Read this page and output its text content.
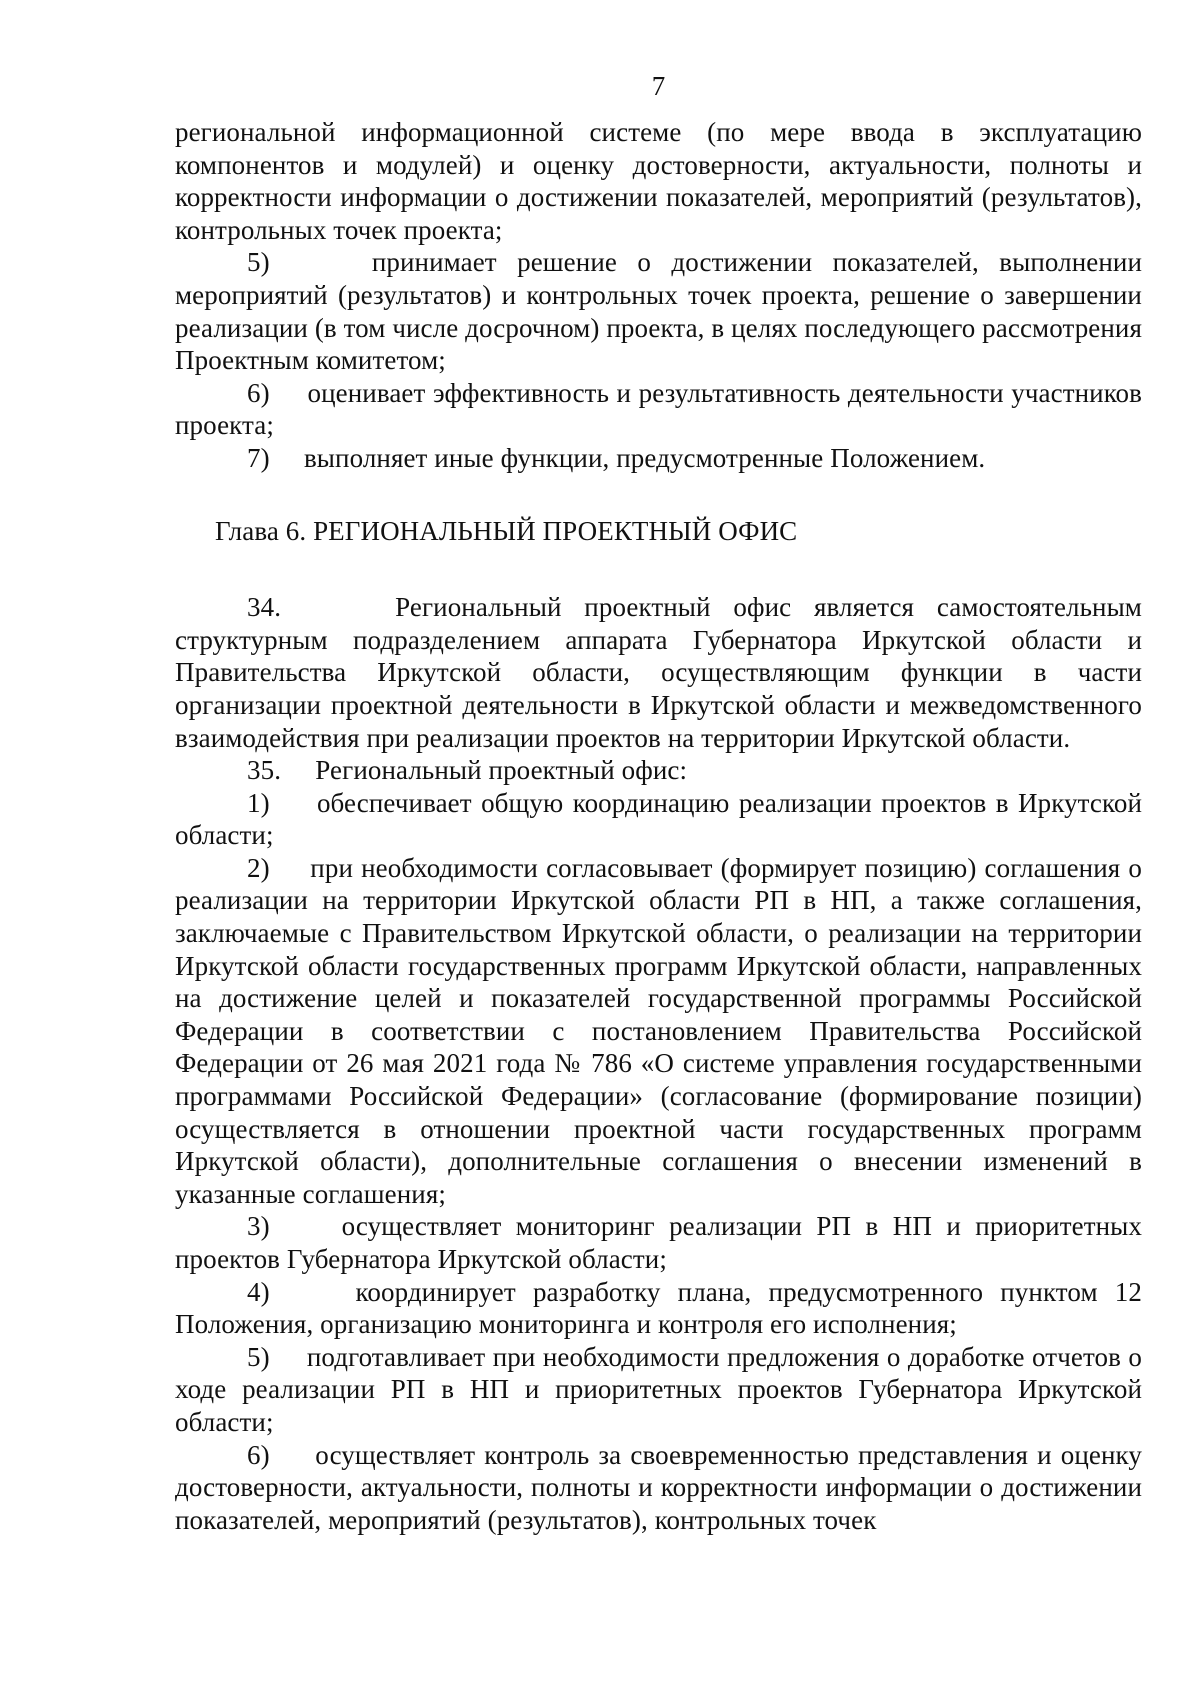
7

региональной информационной системе (по мере ввода в эксплуатацию компонентов и модулей) и оценку достоверности, актуальности, полноты и корректности информации о достижении показателей, мероприятий (результатов), контрольных точек проекта;

5)     принимает решение о достижении показателей, выполнении мероприятий (результатов) и контрольных точек проекта, решение о завершении реализации (в том числе досрочном) проекта, в целях последующего рассмотрения Проектным комитетом;

6)     оценивает эффективность и результативность деятельности участников проекта;

7)     выполняет иные функции, предусмотренные Положением.

Глава 6. РЕГИОНАЛЬНЫЙ ПРОЕКТНЫЙ ОФИС

34.     Региональный проектный офис является самостоятельным структурным подразделением аппарата Губернатора Иркутской области и Правительства Иркутской области, осуществляющим функции в части организации проектной деятельности в Иркутской области и межведомственного взаимодействия при реализации проектов на территории Иркутской области.

35.     Региональный проектный офис:

1)     обеспечивает общую координацию реализации проектов в Иркутской области;

2)     при необходимости согласовывает (формирует позицию) соглашения о реализации на территории Иркутской области РП в НП, а также соглашения, заключаемые с Правительством Иркутской области, о реализации на территории Иркутской области государственных программ Иркутской области, направленных на достижение целей и показателей государственной программы Российской Федерации в соответствии с постановлением Правительства Российской Федерации от 26 мая 2021 года № 786 «О системе управления государственными программами Российской Федерации» (согласование (формирование позиции) осуществляется в отношении проектной части государственных программ Иркутской области), дополнительные соглашения о внесении изменений в указанные соглашения;

3)     осуществляет мониторинг реализации РП в НП и приоритетных проектов Губернатора Иркутской области;

4)     координирует разработку плана, предусмотренного пунктом 12 Положения, организацию мониторинга и контроля его исполнения;

5)     подготавливает при необходимости предложения о доработке отчетов о ходе реализации РП в НП и приоритетных проектов Губернатора Иркутской области;

6)     осуществляет контроль за своевременностью представления и оценку достоверности, актуальности, полноты и корректности информации о достижении показателей, мероприятий (результатов), контрольных точек
